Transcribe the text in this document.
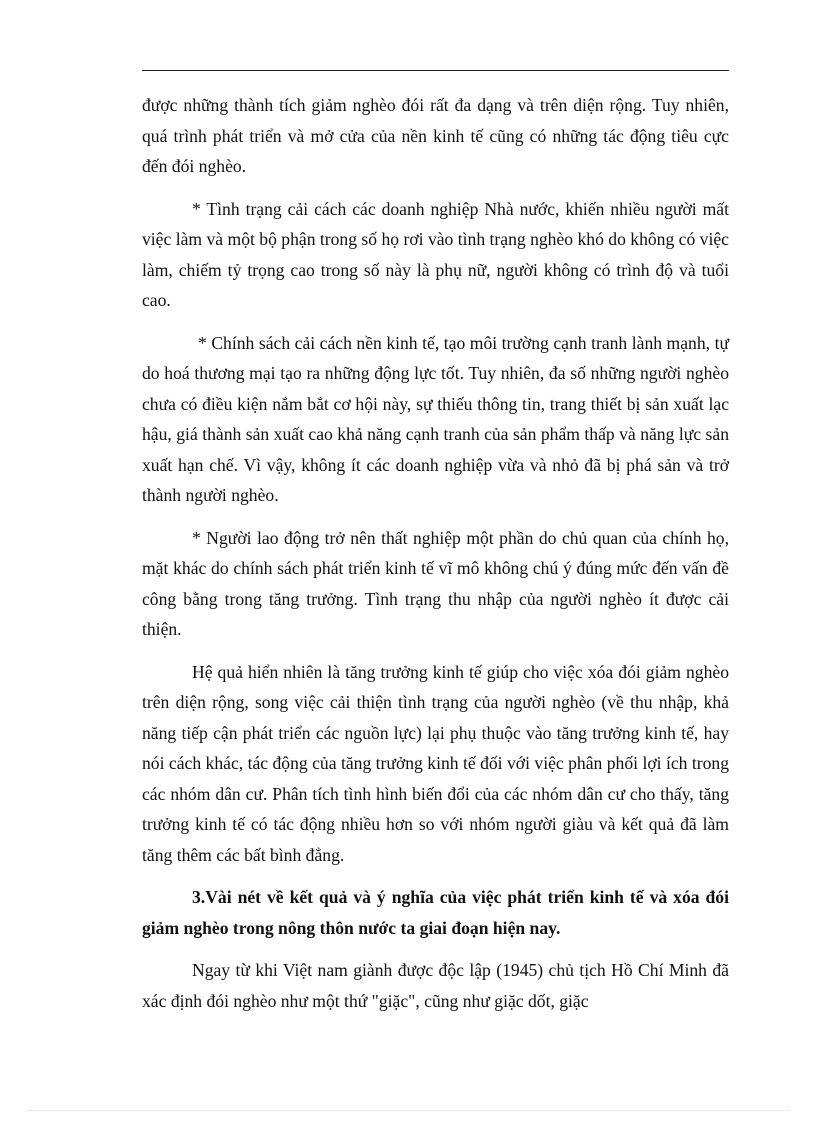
được những thành tích giảm nghèo đói rất đa dạng và trên diện rộng. Tuy nhiên, quá trình phát triển và mở cửa của nền kinh tế cũng có những tác động tiêu cực đến đói nghèo.

* Tình trạng cải cách các doanh nghiệp Nhà nước, khiến nhiều người mất việc làm và một bộ phận trong số họ rơi vào tình trạng nghèo khó do không có việc làm, chiếm tỷ trọng cao trong số này là phụ nữ, người không có trình độ và tuổi cao.

* Chính sách cải cách nền kinh tế, tạo môi trường cạnh tranh lành mạnh, tự do hoá thương mại tạo ra những động lực tốt. Tuy nhiên, đa số những người nghèo chưa có điều kiện nắm bắt cơ hội này, sự thiếu thông tin, trang thiết bị sản xuất lạc hậu, giá thành sản xuất cao khả năng cạnh tranh của sản phẩm thấp và năng lực sản xuất hạn chế. Vì vậy, không ít các doanh nghiệp vừa và nhỏ đã bị phá sản và trở thành người nghèo.

* Người lao động trở nên thất nghiệp một phần do chủ quan của chính họ, mặt khác do chính sách phát triển kinh tế vĩ mô không chú ý đúng mức đến vấn đề công bằng trong tăng trưởng. Tình trạng thu nhập của người nghèo ít được cải thiện.

Hệ quả hiển nhiên là tăng trưởng kinh tế giúp cho việc xóa đói giảm nghèo trên diện rộng, song việc cải thiện tình trạng của người nghèo (về thu nhập, khả năng tiếp cận phát triển các nguồn lực) lại phụ thuộc vào tăng trưởng kinh tế, hay nói cách khác, tác động của tăng trưởng kinh tế đối với việc phân phối lợi ích trong các nhóm dân cư. Phân tích tình hình biến đổi của các nhóm dân cư cho thấy, tăng trưởng kinh tế có tác động nhiều hơn so với nhóm người giàu và kết quả đã làm tăng thêm các bất bình đẳng.

3.Vài nét về kết quả và ý nghĩa của việc phát triển kinh tế và xóa đói giảm nghèo trong nông thôn nước ta giai đoạn hiện nay.

Ngay từ khi Việt nam giành được độc lập (1945) chủ tịch Hồ Chí Minh đã xác định đói nghèo như một thứ "giặc", cũng như giặc dốt, giặc
